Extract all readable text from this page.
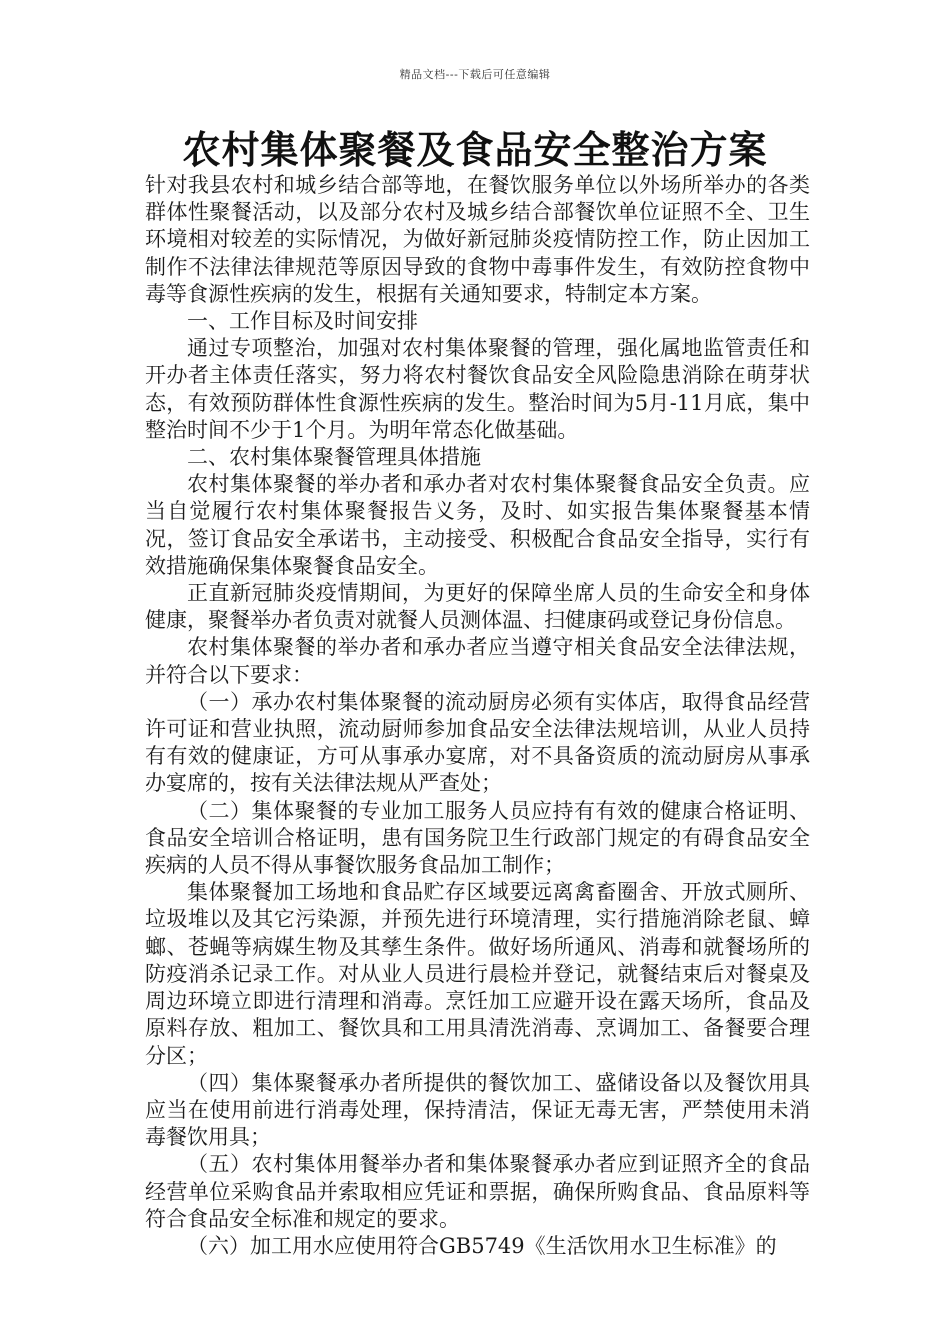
精品文档---下载后可任意编辑
农村集体聚餐及食品安全整治方案

针对我县农村和城乡结合部等地，在餐饮服务单位以外场所举办的各类群体性聚餐活动，以及部分农村及城乡结合部餐饮单位证照不全、卫生环境相对较差的实际情况，为做好新冠肺炎疫情防控工作，防止因加工制作不法律法律规范等原因导致的食物中毒事件发生，有效防控食物中毒等食源性疾病的发生，根据有关通知要求，特制定本方案。

一、工作目标及时间安排

通过专项整治，加强对农村集体聚餐的管理，强化属地监管责任和开办者主体责任落实，努力将农村餐饮食品安全风险隐患消除在萌芽状态，有效预防群体性食源性疾病的发生。整治时间为5月-11月底，集中整治时间不少于1个月。为明年常态化做基础。

二、农村集体聚餐管理具体措施

农村集体聚餐的举办者和承办者对农村集体聚餐食品安全负责。应当自觉履行农村集体聚餐报告义务，及时、如实报告集体聚餐基本情况，签订食品安全承诺书，主动接受、积极配合食品安全指导，实行有效措施确保集体聚餐食品安全。

正直新冠肺炎疫情期间，为更好的保障坐席人员的生命安全和身体健康，聚餐举办者负责对就餐人员测体温、扫健康码或登记身份信息。

农村集体聚餐的举办者和承办者应当遵守相关食品安全法律法规，并符合以下要求：

（一）承办农村集体聚餐的流动厨房必须有实体店，取得食品经营许可证和营业执照，流动厨师参加食品安全法律法规培训，从业人员持有有效的健康证，方可从事承办宴席，对不具备资质的流动厨房从事承办宴席的，按有关法律法规从严查处；

（二）集体聚餐的专业加工服务人员应持有有效的健康合格证明、食品安全培训合格证明，患有国务院卫生行政部门规定的有碍食品安全疾病的人员不得从事餐饮服务食品加工制作；

集体聚餐加工场地和食品贮存区域要远离禽畜圈舍、开放式厕所、垃圾堆以及其它污染源，并预先进行环境清理，实行措施消除老鼠、蟑螂、苍蝇等病媒生物及其孳生条件。做好场所通风、消毒和就餐场所的防疫消杀记录工作。对从业人员进行晨检并登记，就餐结束后对餐桌及周边环境立即进行清理和消毒。烹饪加工应避开设在露天场所，食品及原料存放、粗加工、餐饮具和工用具清洗消毒、烹调加工、备餐要合理分区；

（四）集体聚餐承办者所提供的餐饮加工、盛储设备以及餐饮用具应当在使用前进行消毒处理，保持清洁，保证无毒无害，严禁使用未消毒餐饮用具；

（五）农村集体用餐举办者和集体聚餐承办者应到证照齐全的食品经营单位采购食品并索取相应凭证和票据，确保所购食品、食品原料等符合食品安全标准和规定的要求。

（六）加工用水应使用符合GB5749《生活饮用水卫生标准》的
